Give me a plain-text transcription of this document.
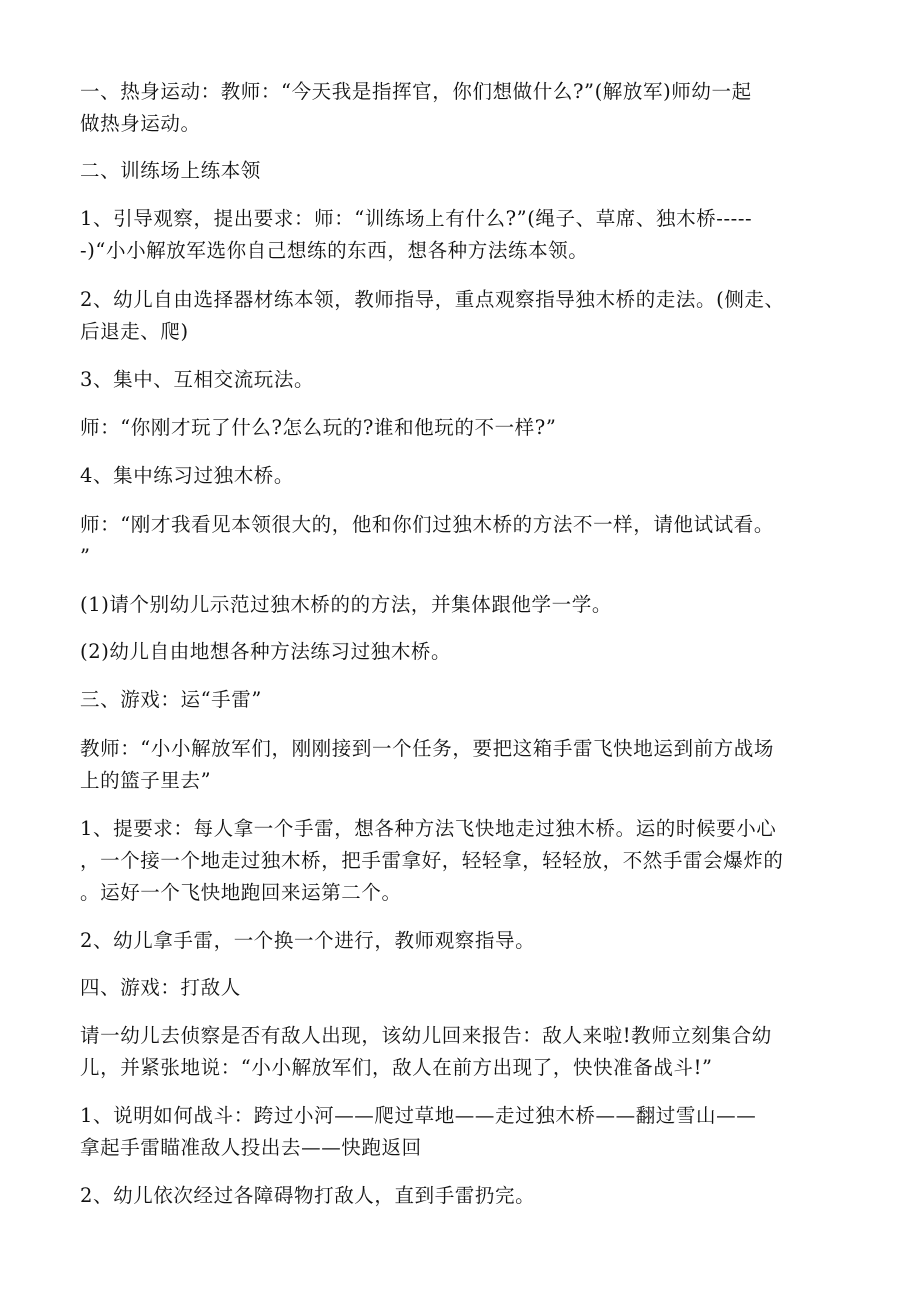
一、热身运动：教师：“今天我是指挥官，你们想做什么?”(解放军)师幼一起
做热身运动。

二、训练场上练本领

1、引导观察，提出要求：师：“训练场上有什么?”(绳子、草席、独木桥-----
-)“小小解放军选你自己想练的东西，想各种方法练本领。

2、幼儿自由选择器材练本领，教师指导，重点观察指导独木桥的走法。(侧走、
后退走、爬)

3、集中、互相交流玩法。

师：“你刚才玩了什么?怎么玩的?谁和他玩的不一样?”

4、集中练习过独木桥。

师：“刚才我看见本领很大的，他和你们过独木桥的方法不一样，请他试试看。
”

(1)请个别幼儿示范过独木桥的的方法，并集体跟他学一学。

(2)幼儿自由地想各种方法练习过独木桥。

三、游戏：运“手雷”

教师：“小小解放军们，刚刚接到一个任务，要把这箱手雷飞快地运到前方战场
上的篮子里去”

1、提要求：每人拿一个手雷，想各种方法飞快地走过独木桥。运的时候要小心
，一个接一个地走过独木桥，把手雷拿好，轻轻拿，轻轻放，不然手雷会爆炸的
。运好一个飞快地跑回来运第二个。

2、幼儿拿手雷，一个换一个进行，教师观察指导。

四、游戏：打敌人

请一幼儿去侦察是否有敌人出现，该幼儿回来报告：敌人来啦!教师立刻集合幼
儿，并紧张地说：“小小解放军们，敌人在前方出现了，快快准备战斗!”

1、说明如何战斗：跨过小河——爬过草地——走过独木桥——翻过雪山——
拿起手雷瞄准敌人投出去——快跑返回

2、幼儿依次经过各障碍物打敌人，直到手雷扔完。
